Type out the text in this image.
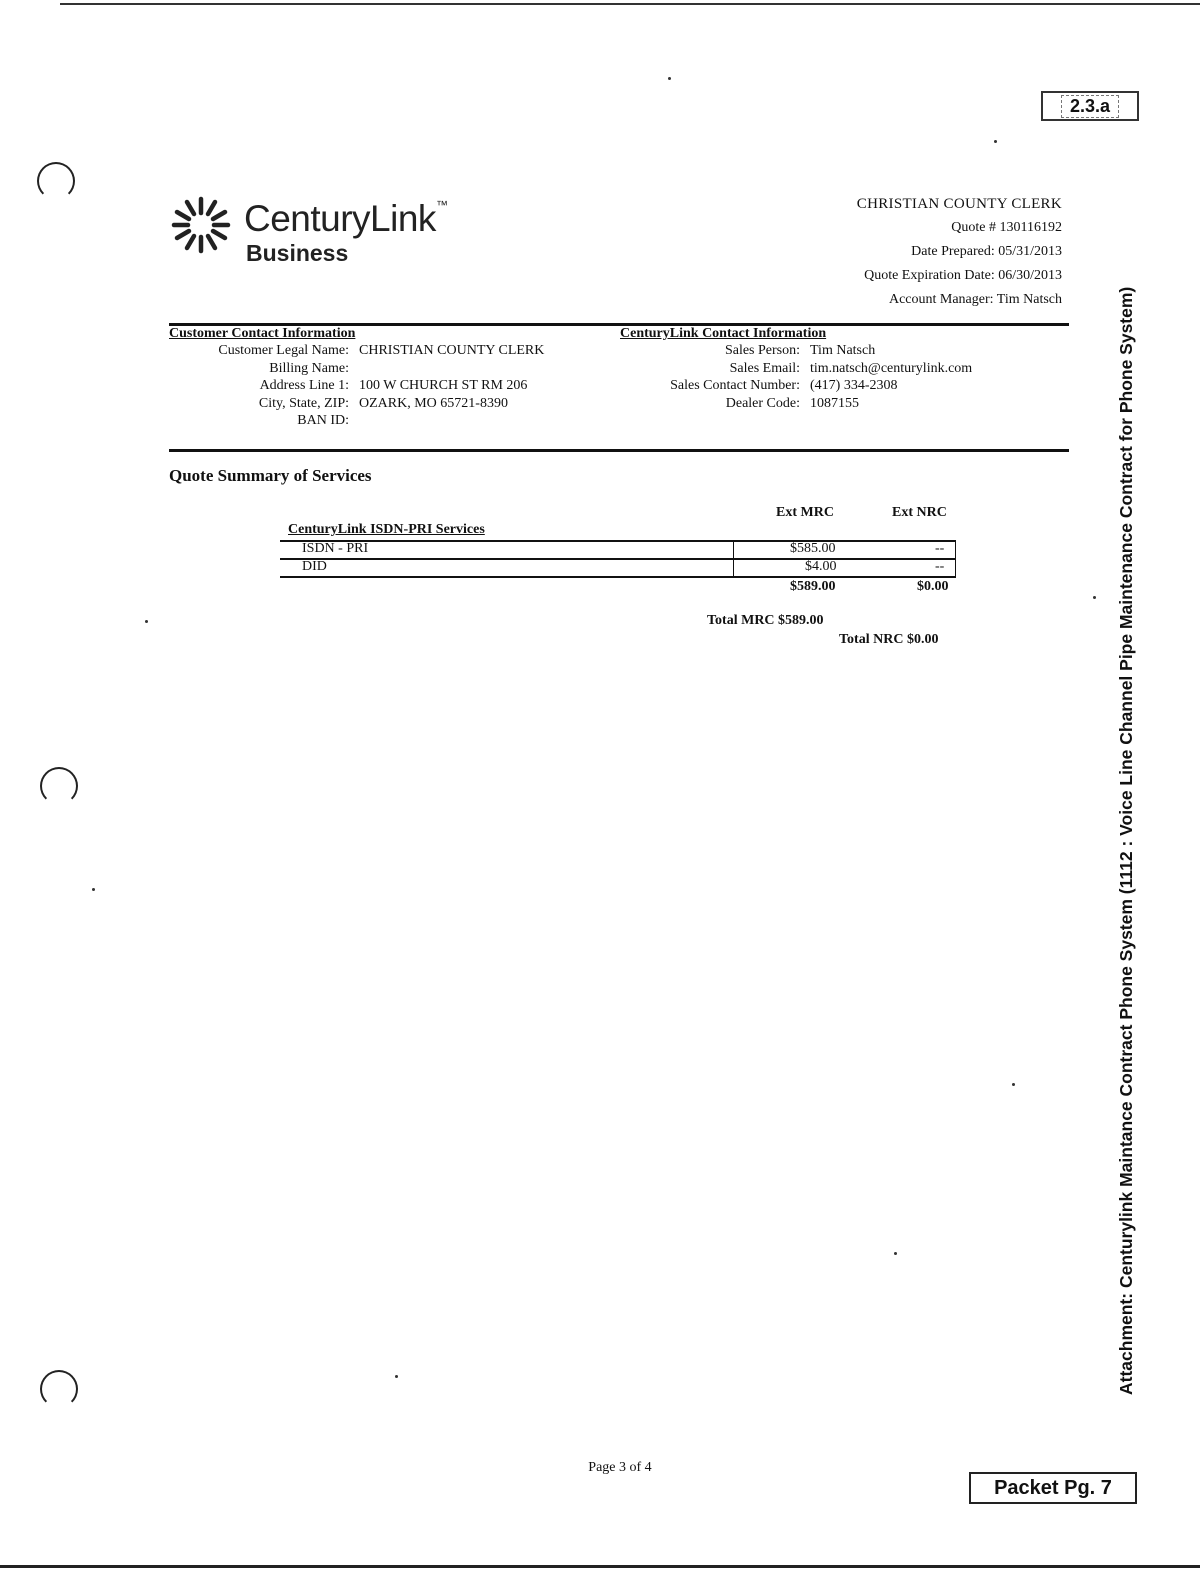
2.3.a
CenturyLink™
Business
CHRISTIAN COUNTY CLERK
Quote # 130116192
Date Prepared: 05/31/2013
Quote Expiration Date: 06/30/2013
Account Manager: Tim Natsch
Customer Contact Information
Customer Legal Name: CHRISTIAN COUNTY CLERK
Billing Name:
Address Line 1: 100 W CHURCH ST RM 206
City, State, ZIP: OZARK, MO 65721-8390
BAN ID:
CenturyLink Contact Information
Sales Person: Tim Natsch
Sales Email: tim.natsch@centurylink.com
Sales Contact Number: (417) 334-2308
Dealer Code: 1087155
Quote Summary of Services
Ext MRC	Ext NRC
CenturyLink ISDN-PRI Services
ISDN - PRI	$585.00	--
DID	$4.00	--
$589.00	$0.00
Total MRC $589.00
Total NRC $0.00	Attachment: Centurylink Maintance Contract Phone System (1112 : Voice Line Channel Pipe Maintenance Contract for Phone System)
Page 3 of 4
Packet Pg. 7
